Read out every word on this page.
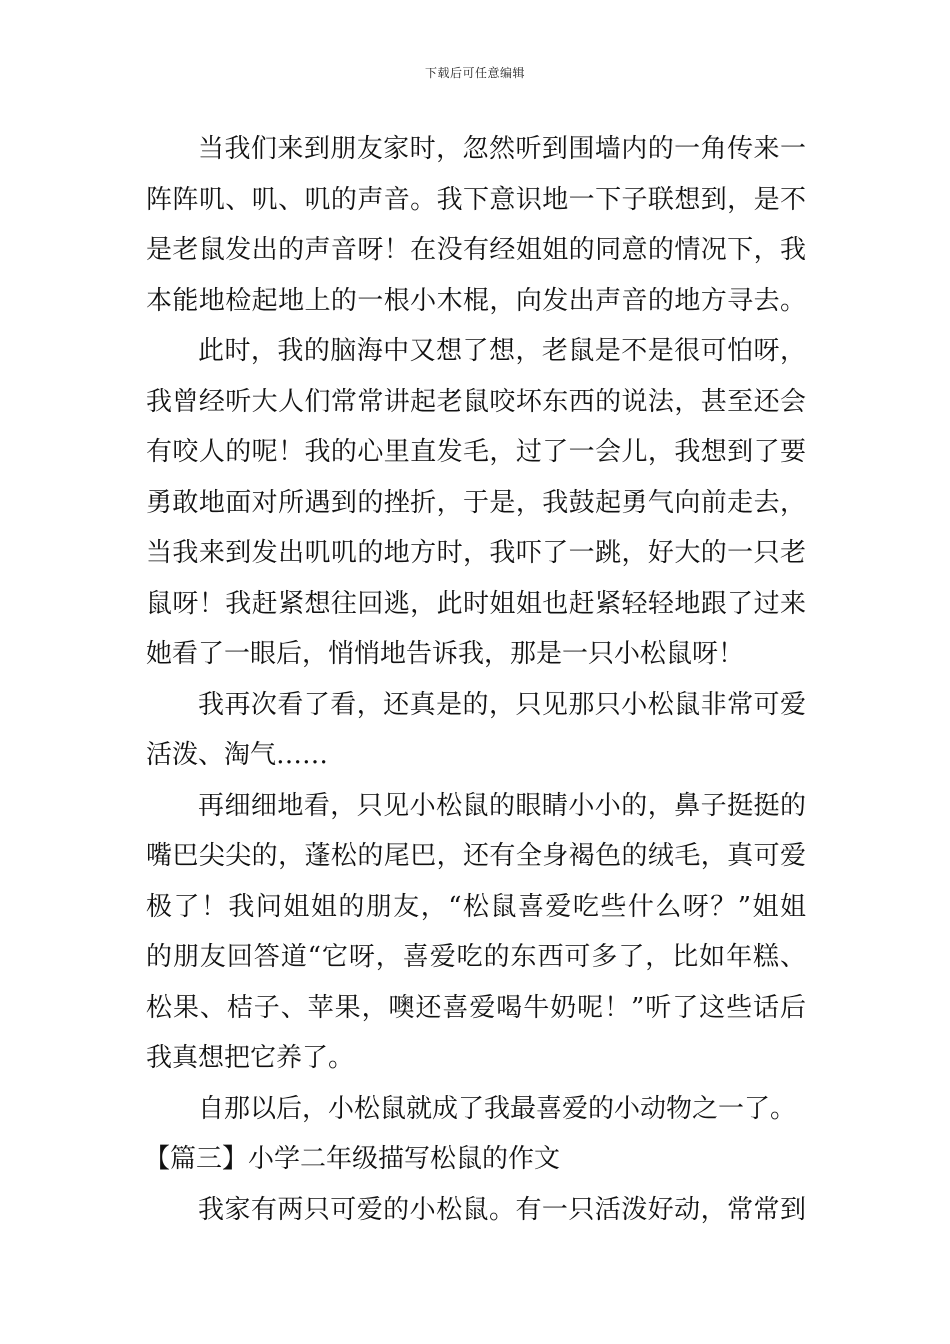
下载后可任意编辑
当我们来到朋友家时，忽然听到围墙内的一角传来一
阵阵叽、叽、叽的声音。我下意识地一下子联想到，是不
是老鼠发出的声音呀！在没有经姐姐的同意的情况下，我
本能地检起地上的一根小木棍，向发出声音的地方寻去。
此时，我的脑海中又想了想，老鼠是不是很可怕呀，
我曾经听大人们常常讲起老鼠咬坏东西的说法，甚至还会
有咬人的呢！我的心里直发毛，过了一会儿，我想到了要
勇敢地面对所遇到的挫折，于是，我鼓起勇气向前走去，
当我来到发出叽叽的地方时，我吓了一跳，好大的一只老
鼠呀！我赶紧想往回逃，此时姐姐也赶紧轻轻地跟了过来
她看了一眼后，悄悄地告诉我，那是一只小松鼠呀！
我再次看了看，还真是的，只见那只小松鼠非常可爱
活泼、淘气……
再细细地看，只见小松鼠的眼睛小小的，鼻子挺挺的
嘴巴尖尖的，蓬松的尾巴，还有全身褐色的绒毛，真可爱
极了！我问姐姐的朋友，“松鼠喜爱吃些什么呀？”姐姐
的朋友回答道“它呀，喜爱吃的东西可多了，比如年糕、
松果、桔子、苹果，噢还喜爱喝牛奶呢！”听了这些话后
我真想把它养了。
自那以后，小松鼠就成了我最喜爱的小动物之一了。
【篇三】小学二年级描写松鼠的作文
我家有两只可爱的小松鼠。有一只活泼好动，常常到
